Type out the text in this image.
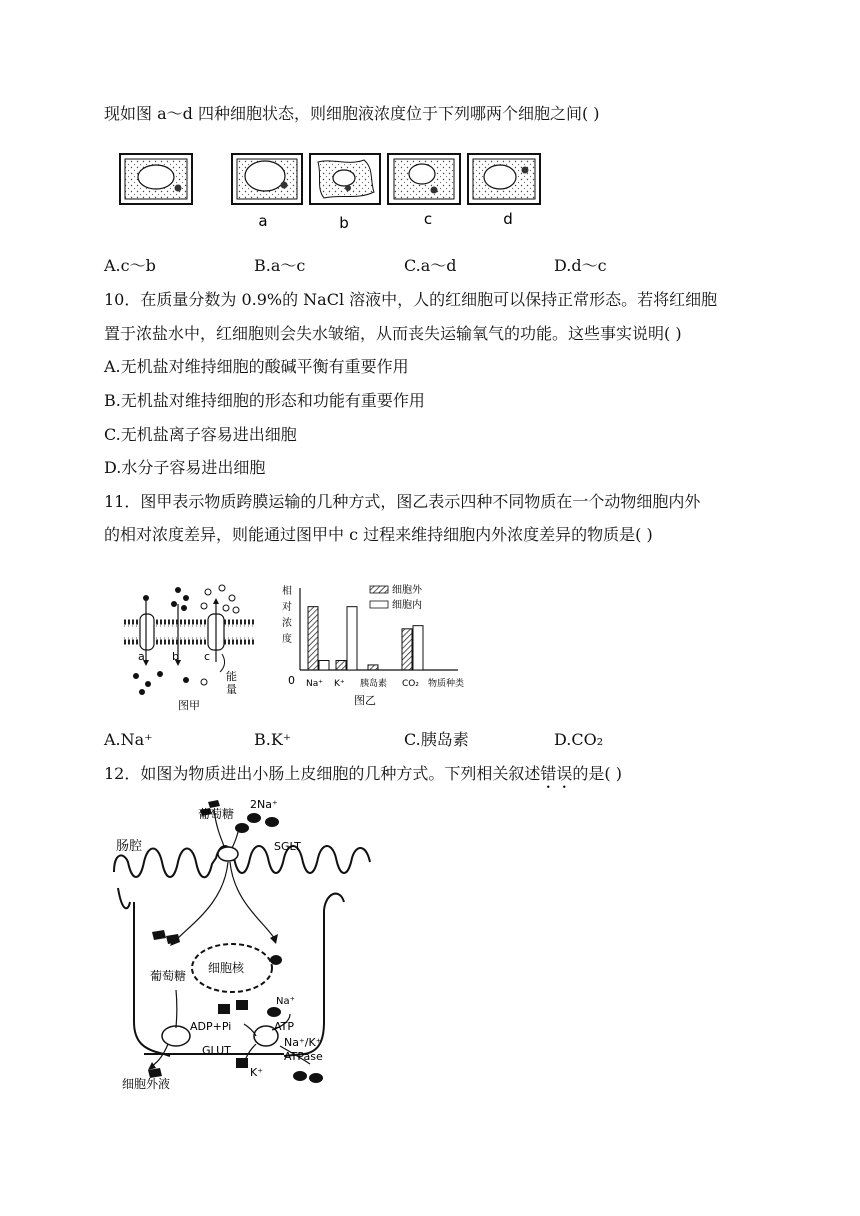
现如图 a～d 四种细胞状态，则细胞液浓度位于下列哪两个细胞之间( )
a	b	c	d
A.c～b	B.a～c	C.a～d	D.d～c
10．在质量分数为 0.9%的 NaCl 溶液中，人的红细胞可以保持正常形态。若将红细胞
置于浓盐水中，红细胞则会失水皱缩，从而丧失运输氧气的功能。这些事实说明( )
A.无机盐对维持细胞的酸碱平衡有重要作用
B.无机盐对维持细胞的形态和功能有重要作用
C.无机盐离子容易进出细胞
D.水分子容易进出细胞
11．图甲表示物质跨膜运输的几种方式，图乙表示四种不同物质在一个动物细胞内外
的相对浓度差异，则能通过图甲中 c 过程来维持细胞内外浓度差异的物质是( )
a b c
能
量
图甲
相
对
浓
度
0
细胞外
细胞内
Na⁺ K⁺ 胰岛素 CO₂ 物质种类
图乙
A.Na⁺	B.K⁺	C.胰岛素	D.CO₂
12．如图为物质进出小肠上皮细胞的几种方式。下列相关叙述错误的是( )
肠腔
葡萄糖
2Na⁺
SGLT
细胞核
葡萄糖
ADP+Pi
GLUT
Na⁺
ATP
Na⁺/K⁺
ATPase
K⁺
细胞外液
